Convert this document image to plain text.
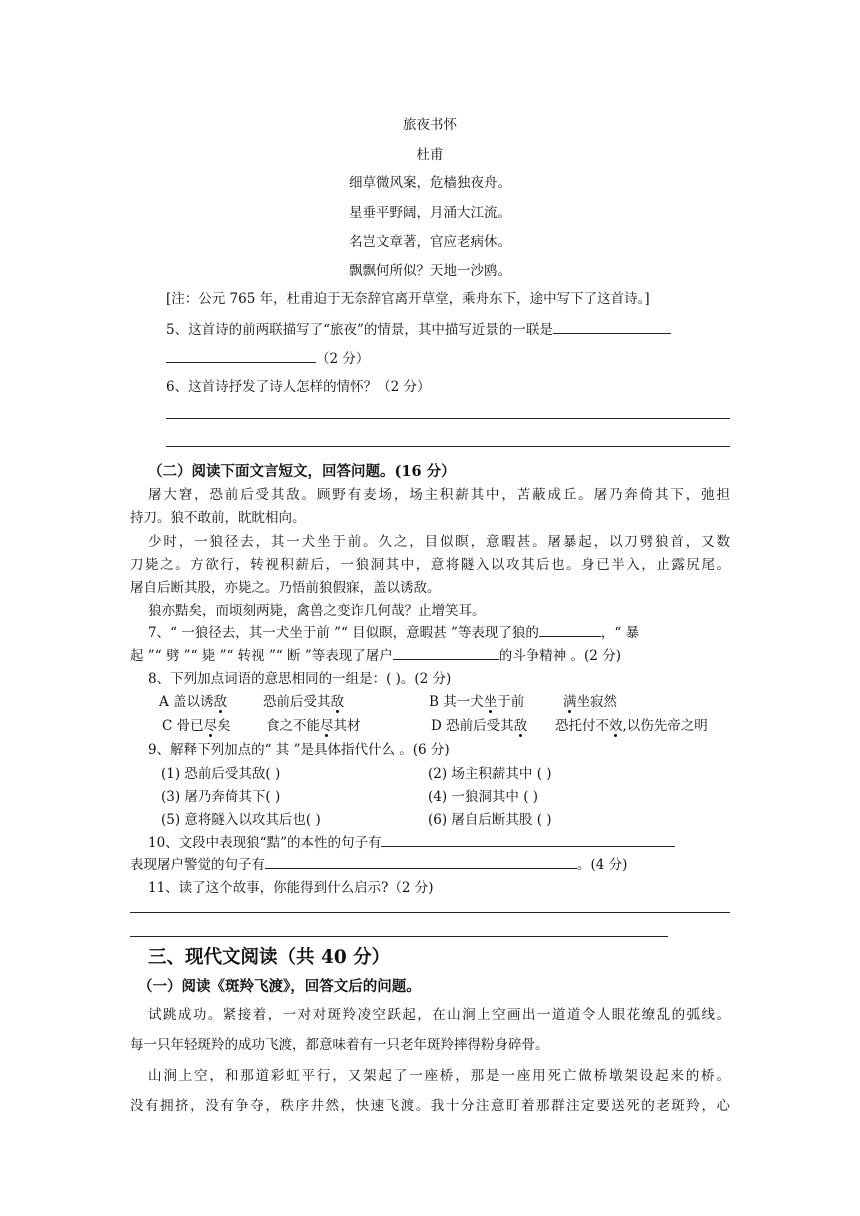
旅夜书怀
杜甫
细草微风案，危樯独夜舟。
星垂平野阔，月涌大江流。
名岂文章著，官应老病休。
飘飘何所似？天地一沙鸥。
[注：公元 765 年，杜甫迫于无奈辞官离开草堂，乘舟东下，途中写下了这首诗。]
5、这首诗的前两联描写了“旅夜”的情景，其中描写近景的一联是
（2 分）
6、这首诗抒发了诗人怎样的情怀？（2 分）
（二）阅读下面文言短文，回答问题。(16 分）
屠大窘，恐前后受其敌。顾野有麦场，场主积薪其中，苫蔽成丘。屠乃奔倚其下，弛担
持刀。狼不敢前，眈眈相向。
少时，一狼径去，其一犬坐于前。久之，目似瞑，意暇甚。屠暴起，以刀劈狼首，又数
刀毙之。方欲行，转视积薪后，一狼洞其中，意将隧入以攻其后也。身已半入，止露尻尾。
屠自后断其股，亦毙之。乃悟前狼假寐，盖以诱敌。
狼亦黠矣，而顷刻两毙，禽兽之变诈几何哉？止增笑耳。
7、“ 一狼径去，其一犬坐于前 ”“ 目似瞑，意暇甚 ”等表现了狼的	，“ 暴
起 ”“ 劈 ”“ 毙 ”“ 转视 ”“ 断 ”等表现了屠户	的斗争精神 。(2 分)
8、下列加点词语的意思相同的一组是：( )。(2 分)
A 盖以诱敌	恐前后受其敌	B 其一犬坐于前	满坐寂然
C 骨已尽矣	食之不能尽其材	D 恐前后受其敌 恐托付不效,以伤先帝之明
9、解释下列加点的“ 其 ”是具体指代什么 。(6 分)
(1) 恐前后受其敌( )	(2) 场主积薪其中 ( )
(3) 屠乃奔倚其下( )	(4) 一狼洞其中 ( )
(5) 意将隧入以攻其后也( )	(6) 屠自后断其股 ( )
10、文段中表现狼“黠”的本性的句子有
表现屠户警觉的句子有	。(4 分)
11、读了这个故事，你能得到什么启示?（2 分)
三、现代文阅读（共 40 分）
（一）阅读《斑羚飞渡》，回答文后的问题。
试跳成功。紧接着，一对对斑羚凌空跃起，在山涧上空画出一道道令人眼花缭乱的弧线。
每一只年轻斑羚的成功飞渡，都意味着有一只老年斑羚摔得粉身碎骨。
山涧上空，和那道彩虹平行，又架起了一座桥，那是一座用死亡做桥墩架设起来的桥。
没有拥挤，没有争夺，秩序井然，快速飞渡。我十分注意盯着那群注定要送死的老斑羚，心
